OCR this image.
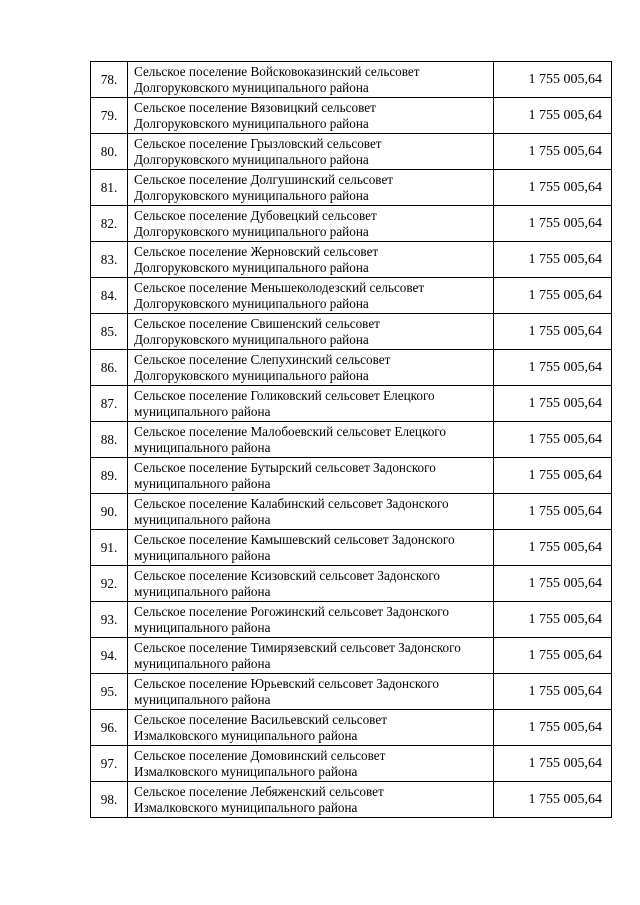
78.	Сельское поселение Войсковоказинский сельсовет
Долгоруковского муниципального района	1 755 005,64
79.	Сельское поселение Вязовицкий сельсовет
Долгоруковского муниципального района	1 755 005,64
80.	Сельское поселение Грызловский сельсовет
Долгоруковского муниципального района	1 755 005,64
81.	Сельское поселение Долгушинский сельсовет
Долгоруковского муниципального района	1 755 005,64
82.	Сельское поселение Дубовецкий сельсовет
Долгоруковского муниципального района	1 755 005,64
83.	Сельское поселение Жерновский сельсовет
Долгоруковского муниципального района	1 755 005,64
84.	Сельское поселение Меньшеколодезский сельсовет
Долгоруковского муниципального района	1 755 005,64
85.	Сельское поселение Свишенский сельсовет
Долгоруковского муниципального района	1 755 005,64
86.	Сельское поселение Слепухинский сельсовет
Долгоруковского муниципального района	1 755 005,64
87.	Сельское поселение Голиковский сельсовет Елецкого
муниципального района	1 755 005,64
88.	Сельское поселение Малобоевский сельсовет Елецкого
муниципального района	1 755 005,64
89.	Сельское поселение Бутырский сельсовет Задонского
муниципального района	1 755 005,64
90.	Сельское поселение Калабинский сельсовет Задонского
муниципального района	1 755 005,64
91.	Сельское поселение Камышевский сельсовет Задонского
муниципального района	1 755 005,64
92.	Сельское поселение Ксизовский сельсовет Задонского
муниципального района	1 755 005,64
93.	Сельское поселение Рогожинский сельсовет Задонского
муниципального района	1 755 005,64
94.	Сельское поселение Тимирязевский сельсовет Задонского
муниципального района	1 755 005,64
95.	Сельское поселение Юрьевский сельсовет Задонского
муниципального района	1 755 005,64
96.	Сельское поселение Васильевский сельсовет
Измалковского муниципального района	1 755 005,64
97.	Сельское поселение Домовинский сельсовет
Измалковского муниципального района	1 755 005,64
98.	Сельское поселение Лебяженский сельсовет
Измалковского муниципального района	1 755 005,64
